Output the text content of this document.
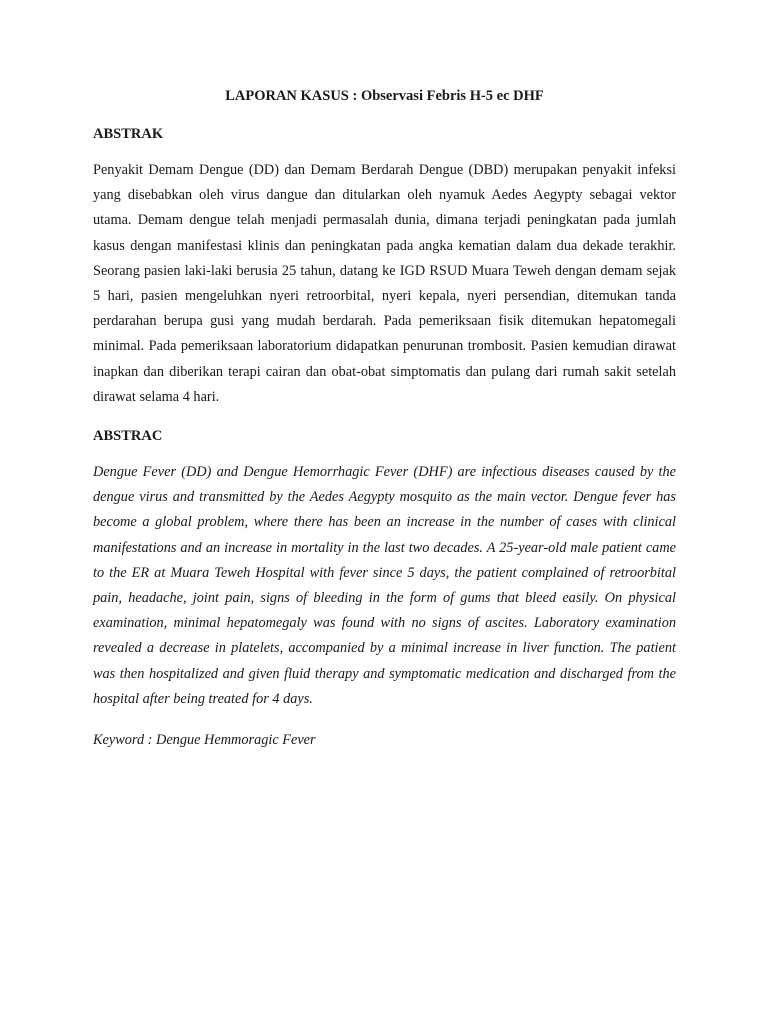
LAPORAN KASUS : Observasi Febris H-5 ec DHF
ABSTRAK

Penyakit Demam Dengue (DD) dan Demam Berdarah Dengue (DBD) merupakan penyakit infeksi yang disebabkan oleh virus dangue dan ditularkan oleh nyamuk Aedes Aegypty sebagai vektor utama. Demam dengue telah menjadi permasalah dunia, dimana terjadi peningkatan pada jumlah kasus dengan manifestasi klinis dan peningkatan pada angka kematian dalam dua dekade terakhir. Seorang pasien laki-laki berusia 25 tahun, datang ke IGD RSUD Muara Teweh dengan demam sejak 5 hari, pasien mengeluhkan nyeri retroorbital, nyeri kepala, nyeri persendian, ditemukan tanda perdarahan berupa gusi yang mudah berdarah. Pada pemeriksaan fisik ditemukan hepatomegali minimal. Pada pemeriksaan laboratorium didapatkan penurunan trombosit. Pasien kemudian dirawat inapkan dan diberikan terapi cairan dan obat-obat simptomatis dan pulang dari rumah sakit setelah dirawat selama 4 hari.

ABSTRAC

Dengue Fever (DD) and Dengue Hemorrhagic Fever (DHF) are infectious diseases caused by the dengue virus and transmitted by the Aedes Aegypty mosquito as the main vector. Dengue fever has become a global problem, where there has been an increase in the number of cases with clinical manifestations and an increase in mortality in the last two decades. A 25-year-old male patient came to the ER at Muara Teweh Hospital with fever since 5 days, the patient complained of retroorbital pain, headache, joint pain, signs of bleeding in the form of gums that bleed easily. On physical examination, minimal hepatomegaly was found with no signs of ascites. Laboratory examination revealed a decrease in platelets, accompanied by a minimal increase in liver function. The patient was then hospitalized and given fluid therapy and symptomatic medication and discharged from the hospital after being treated for 4 days.

Keyword : Dengue Hemmoragic Fever
